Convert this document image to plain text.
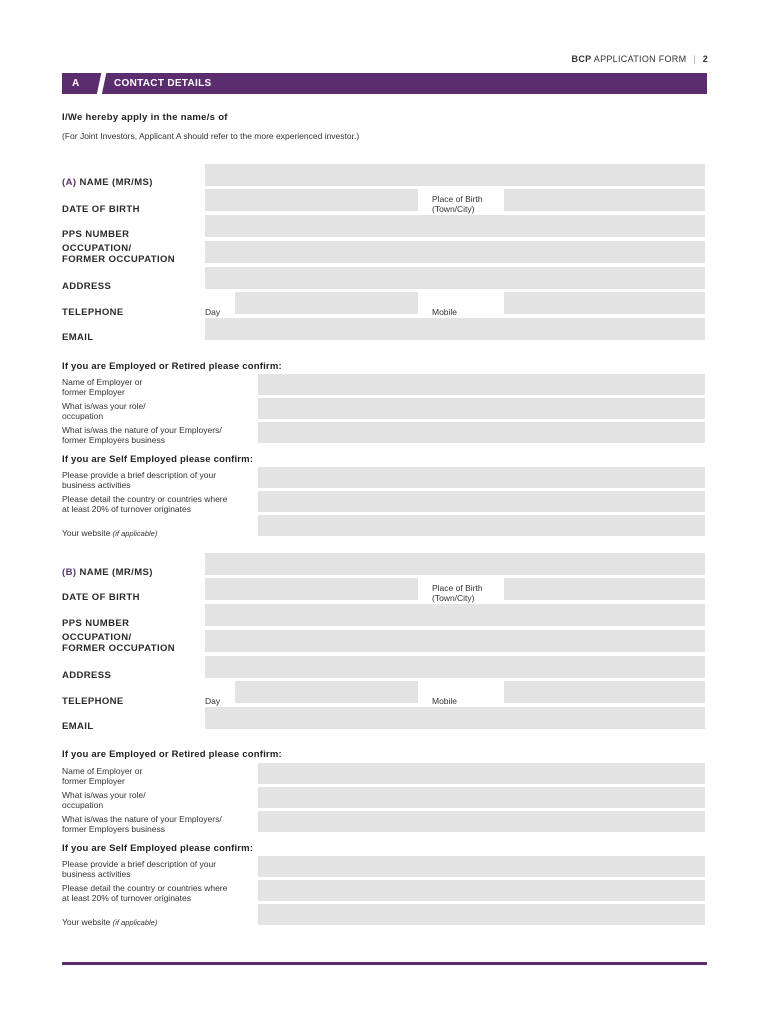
BCP APPLICATION FORM | 2
A	CONTACT DETAILS
I/We hereby apply in the name/s of
(For Joint Investors, Applicant A should refer to the more experienced investor.)
(A) NAME (MR/MS)
DATE OF BIRTH
Place of Birth
(Town/City)
PPS NUMBER
OCCUPATION/
FORMER OCCUPATION
ADDRESS
TELEPHONE	Day	Mobile
EMAIL
If you are Employed or Retired please confirm:
Name of Employer or
former Employer
What is/was your role/
occupation
What is/was the nature of your Employers/
former Employers business
If you are Self Employed please confirm:
Please provide a brief description of your
business activities
Please detail the country or countries where
at least 20% of turnover originates
Your website (if applicable)
(B) NAME (MR/MS)
DATE OF BIRTH
Place of Birth
(Town/City)
PPS NUMBER
OCCUPATION/
FORMER OCCUPATION
ADDRESS
TELEPHONE	Day	Mobile
EMAIL
If you are Employed or Retired please confirm:
Name of Employer or
former Employer
What is/was your role/
occupation
What is/was the nature of your Employers/
former Employers business
If you are Self Employed please confirm:
Please provide a brief description of your
business activities
Please detail the country or countries where
at least 20% of turnover originates
Your website (if applicable)
